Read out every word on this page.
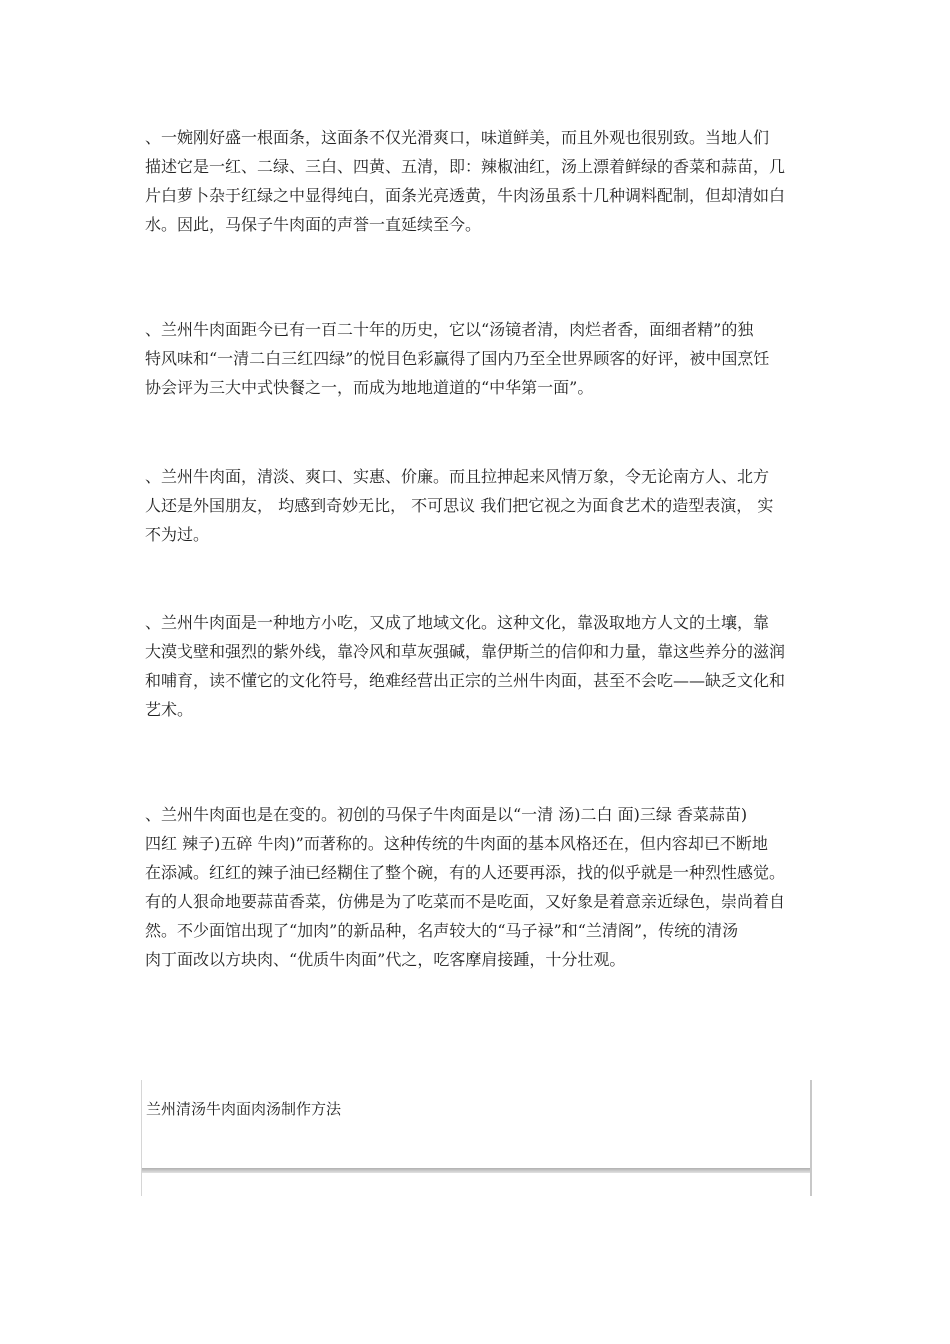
、一婉刚好盛一根面条，这面条不仅光滑爽口，味道鲜美，而且外观也很别致。当地人们
描述它是一红、二绿、三白、四黄、五清，即：辣椒油红，汤上漂着鲜绿的香菜和蒜苗，几
片白萝卜杂于红绿之中显得纯白，面条光亮透黄，牛肉汤虽系十几种调料配制，但却清如白
水。因此，马保子牛肉面的声誉一直延续至今。
、兰州牛肉面距今已有一百二十年的历史，它以“汤镜者清，肉烂者香，面细者精”的独
特风味和“一清二白三红四绿”的悦目色彩赢得了国内乃至全世界顾客的好评，被中国烹饪
协会评为三大中式快餐之一，而成为地地道道的“中华第一面”。
、兰州牛肉面，清淡、爽口、实惠、价廉。而且拉抻起来风情万象，令无论南方人、北方
人还是外国朋友， 均感到奇妙无比， 不可思议 我们把它视之为面食艺术的造型表演， 实
不为过。
、兰州牛肉面是一种地方小吃，又成了地域文化。这种文化，靠汲取地方人文的土壤，靠
大漠戈壁和强烈的紫外线，靠冷风和草灰强碱，靠伊斯兰的信仰和力量，靠这些养分的滋润
和哺育，读不懂它的文化符号，绝难经营出正宗的兰州牛肉面，甚至不会吃——缺乏文化和
艺术。
、兰州牛肉面也是在变的。初创的马保子牛肉面是以“一清 汤)二白 面)三绿 香菜蒜苗)
四红 辣子)五碎 牛肉)”而著称的。这种传统的牛肉面的基本风格还在，但内容却已不断地
在添减。红红的辣子油已经糊住了整个碗，有的人还要再添，找的似乎就是一种烈性感觉。
有的人狠命地要蒜苗香菜，仿佛是为了吃菜而不是吃面，又好象是着意亲近绿色，崇尚着自
然。不少面馆出现了“加肉”的新品种，名声较大的“马子禄”和“兰清阁”，传统的清汤
肉丁面改以方块肉、“优质牛肉面”代之，吃客摩肩接踵，十分壮观。
兰州清汤牛肉面肉汤制作方法
